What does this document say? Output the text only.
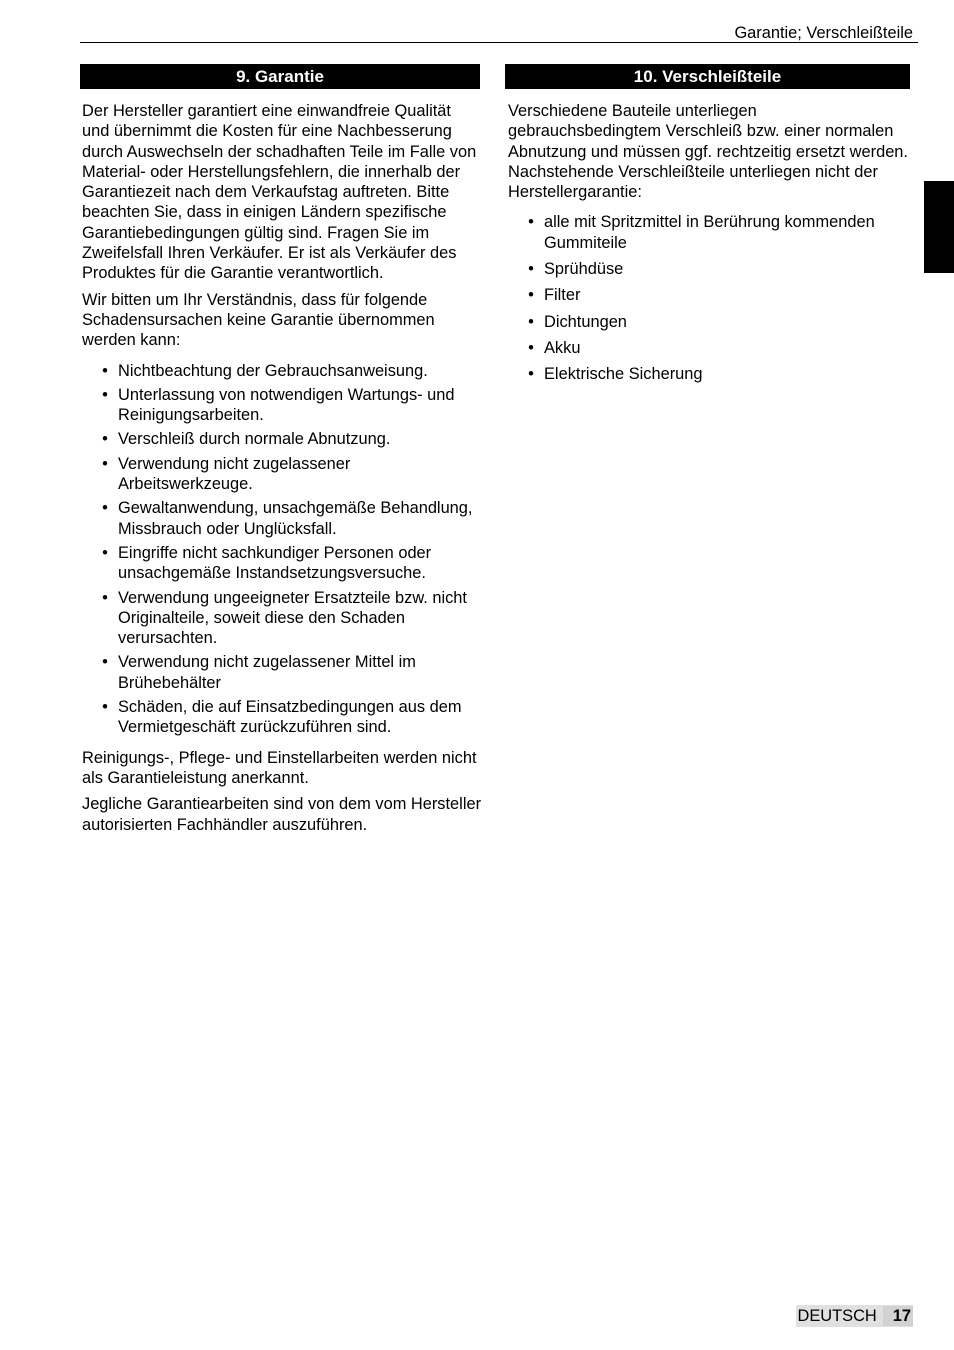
Garantie; Verschleißteile
9. Garantie

Der Hersteller garantiert eine einwandfreie Qualität und übernimmt die Kosten für eine Nachbesserung durch Auswechseln der schadhaften Teile im Falle von Material- oder Herstellungsfehlern, die innerhalb der Garantiezeit nach dem Verkaufstag auftreten. Bitte beachten Sie, dass in einigen Ländern spezifische Garantiebedingungen gültig sind. Fragen Sie im Zweifelsfall Ihren Verkäufer. Er ist als Verkäufer des Produktes für die Garantie verantwortlich.

Wir bitten um Ihr Verständnis, dass für folgende Schadensursachen keine Garantie übernommen werden kann:

• Nichtbeachtung der Gebrauchsanweisung.
• Unterlassung von notwendigen Wartungs- und Reinigungsarbeiten.
• Verschleiß durch normale Abnutzung.
• Verwendung nicht zugelassener Arbeitswerkzeuge.
• Gewaltanwendung, unsachgemäße Behandlung, Missbrauch oder Unglücksfall.
• Eingriffe nicht sachkundiger Personen oder unsachgemäße Instandsetzungsversuche.
• Verwendung ungeeigneter Ersatzteile bzw. nicht Originalteile, soweit diese den Schaden verursachten.
• Verwendung nicht zugelassener Mittel im Brühebehälter
• Schäden, die auf Einsatzbedingungen aus dem Vermietgeschäft zurückzuführen sind.

Reinigungs-, Pflege- und Einstellarbeiten werden nicht als Garantieleistung anerkannt.

Jegliche Garantiearbeiten sind von dem vom Hersteller autorisierten Fachhändler auszuführen.

10. Verschleißteile

Verschiedene Bauteile unterliegen gebrauchsbedingtem Verschleiß bzw. einer normalen Abnutzung und müssen ggf. rechtzeitig ersetzt werden. Nachstehende Verschleißteile unterliegen nicht der Herstellergarantie:

• alle mit Spritzmittel in Berührung kommenden Gummiteile
• Sprühdüse
• Filter
• Dichtungen
• Akku
• Elektrische Sicherung
DEUTSCH 17
